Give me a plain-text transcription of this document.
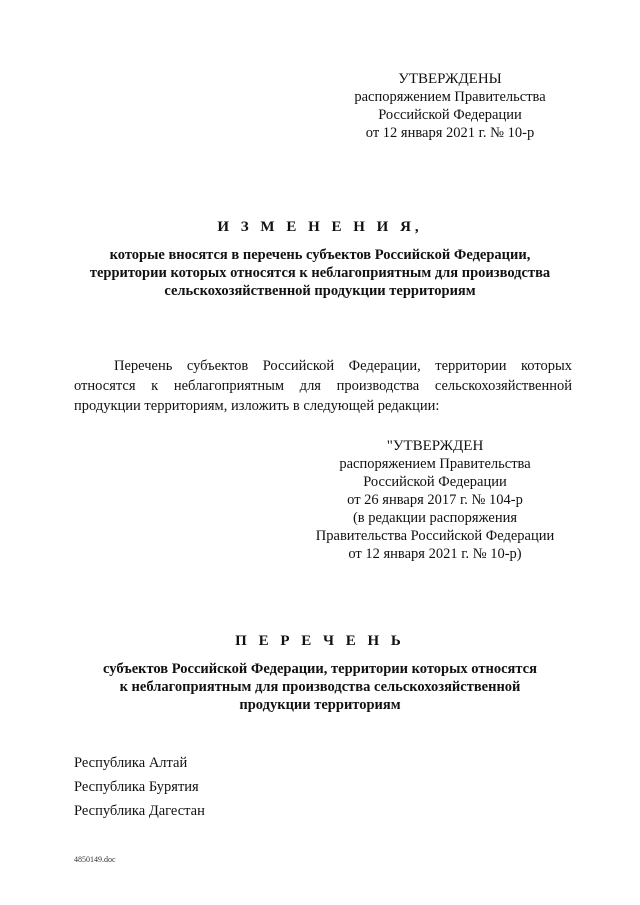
УТВЕРЖДЕНЫ
распоряжением Правительства
Российской Федерации
от 12 января 2021 г. № 10-р
И З М Е Н Е Н И Я,
которые вносятся в перечень субъектов Российской Федерации,
территории которых относятся к неблагоприятным для производства
сельскохозяйственной продукции территориям

Перечень субъектов Российской Федерации, территории которых относятся к неблагоприятным для производства сельскохозяйственной продукции территориям, изложить в следующей редакции:

"УТВЕРЖДЕН
распоряжением Правительства
Российской Федерации
от 26 января 2017 г. № 104-р
(в редакции распоряжения
Правительства Российской Федерации
от 12 января 2021 г. № 10-р)
П Е Р Е Ч Е Н Ь
субъектов Российской Федерации, территории которых относятся
к неблагоприятным для производства сельскохозяйственной
продукции территориям
Республика Алтай
Республика Бурятия
Республика Дагестан
4850149.doc
